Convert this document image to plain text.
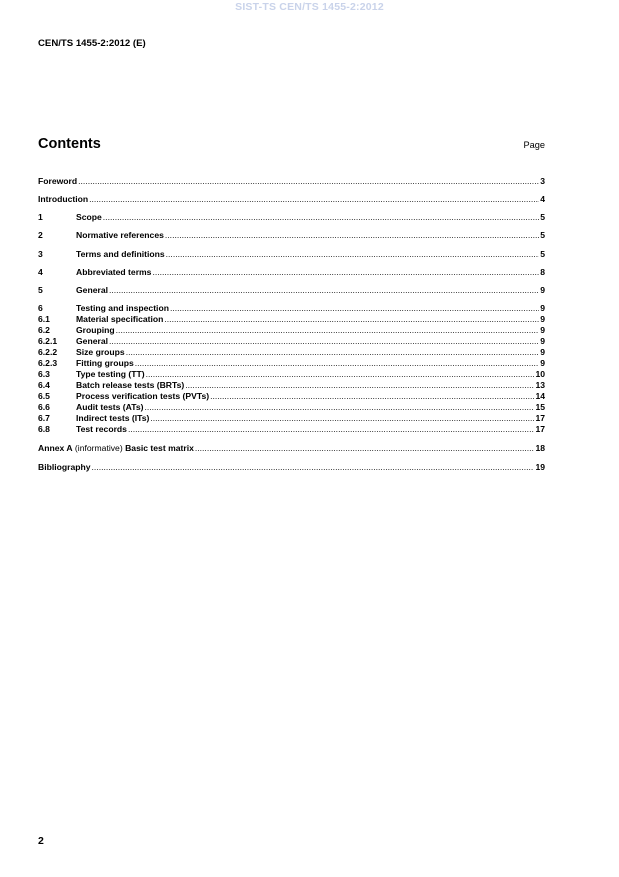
SIST-TS CEN/TS 1455-2:2012
CEN/TS 1455-2:2012 (E)
Contents	Page
Foreword .....	3
Introduction .....	4
1	Scope .....	5
2	Normative references .....	5
3	Terms and definitions .....	5
4	Abbreviated terms .....	8
5	General .....	9
6	Testing and inspection .....	9
6.1	Material specification .....	9
6.2	Grouping .....	9
6.2.1	General .....	9
6.2.2	Size groups .....	9
6.2.3	Fitting groups .....	9
6.3	Type testing (TT) .....	10
6.4	Batch release tests (BRTs) .....	13
6.5	Process verification tests (PVTs) .....	14
6.6	Audit tests (ATs) .....	15
6.7	Indirect tests (ITs) .....	17
6.8	Test records .....	17
Annex A (informative) Basic test matrix .....	18
Bibliography .....	19
2
